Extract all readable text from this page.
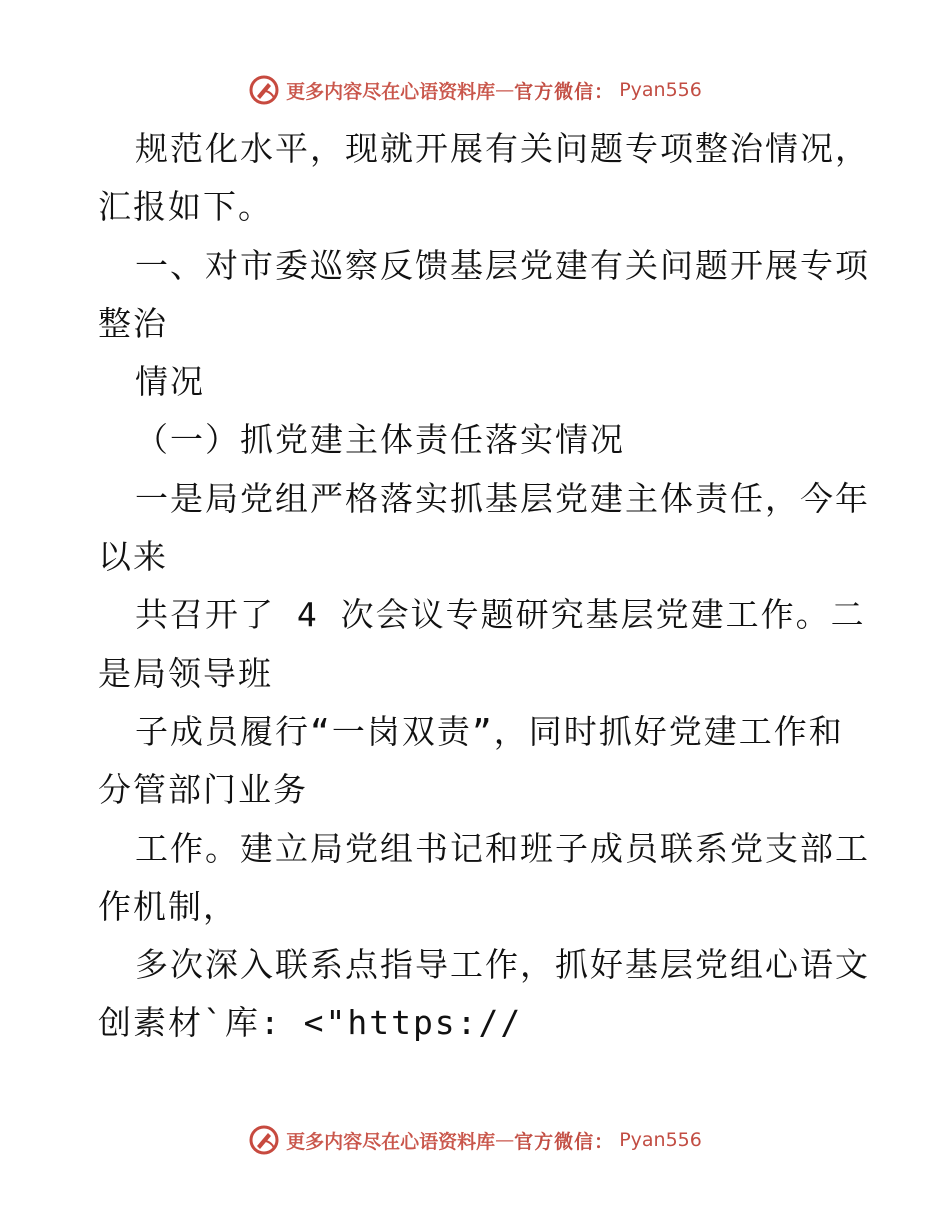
更多内容尽在心语资料库 — 官方微信 ： Pyan556
规范化水平，现就开展有关问题专项整治情况，
汇报如下。
一、对市委巡察反馈基层党建有关问题开展专项
整治
情况
（一）抓党建主体责任落实情况
一是局党组严格落实抓基层党建主体责任，今年
以来
共召开了 4 次会议专题研究基层党建工作。二
是局领导班
子成员履行“一岗双责”，同时抓好党建工作和
分管部门业务
工作。建立局党组书记和班子成员联系党支部工
作机制，
多次深入联系点指导工作，抓好基层党组心语文
创素材`库: <"https://
更多内容尽在心语资料库 — 官方微信 ： Pyan556
